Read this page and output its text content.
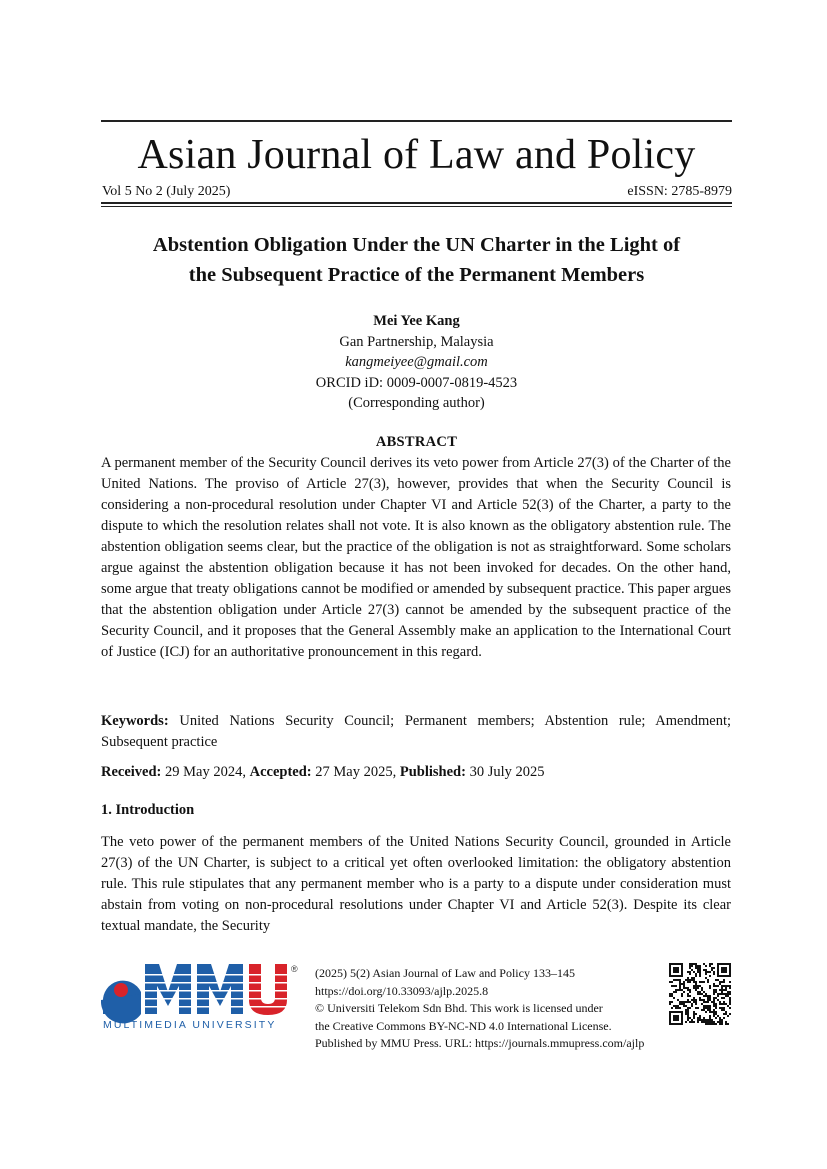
Asian Journal of Law and Policy
Vol 5 No 2 (July 2025)	eISSN: 2785-8979
Abstention Obligation Under the UN Charter in the Light of
the Subsequent Practice of the Permanent Members
Mei Yee Kang
Gan Partnership, Malaysia
kangmeiyee@gmail.com
ORCID iD: 0009-0007-0819-4523
(Corresponding author)
ABSTRACT

A permanent member of the Security Council derives its veto power from Article 27(3) of the Charter of the United Nations. The proviso of Article 27(3), however, provides that when the Security Council is considering a non-procedural resolution under Chapter VI and Article 52(3) of the Charter, a party to the dispute to which the resolution relates shall not vote. It is also known as the obligatory abstention rule. The abstention obligation seems clear, but the practice of the obligation is not as straightforward. Some scholars argue against the abstention obligation because it has not been invoked for decades. On the other hand, some argue that treaty obligations cannot be modified or amended by subsequent practice. This paper argues that the abstention obligation under Article 27(3) cannot be amended by the subsequent practice of the Security Council, and it proposes that the General Assembly make an application to the International Court of Justice (ICJ) for an authoritative pronouncement in this regard.

Keywords: United Nations Security Council; Permanent members; Abstention rule; Amendment; Subsequent practice

Received: 29 May 2024, Accepted: 27 May 2025, Published: 30 July 2025
1. Introduction

The veto power of the permanent members of the United Nations Security Council, grounded in Article 27(3) of the UN Charter, is subject to a critical yet often overlooked limitation: the obligatory abstention rule. This rule stipulates that any permanent member who is a party to a dispute under consideration must abstain from voting on non-procedural resolutions under Chapter VI and Article 52(3). Despite its clear textual mandate, the Security

®
MULTIMEDIA UNIVERSITY
(2025) 5(2) Asian Journal of Law and Policy 133–145
https://doi.org/10.33093/ajlp.2025.8
© Universiti Telekom Sdn Bhd. This work is licensed under
the Creative Commons BY-NC-ND 4.0 International License.
Published by MMU Press. URL: https://journals.mmupress.com/ajlp
